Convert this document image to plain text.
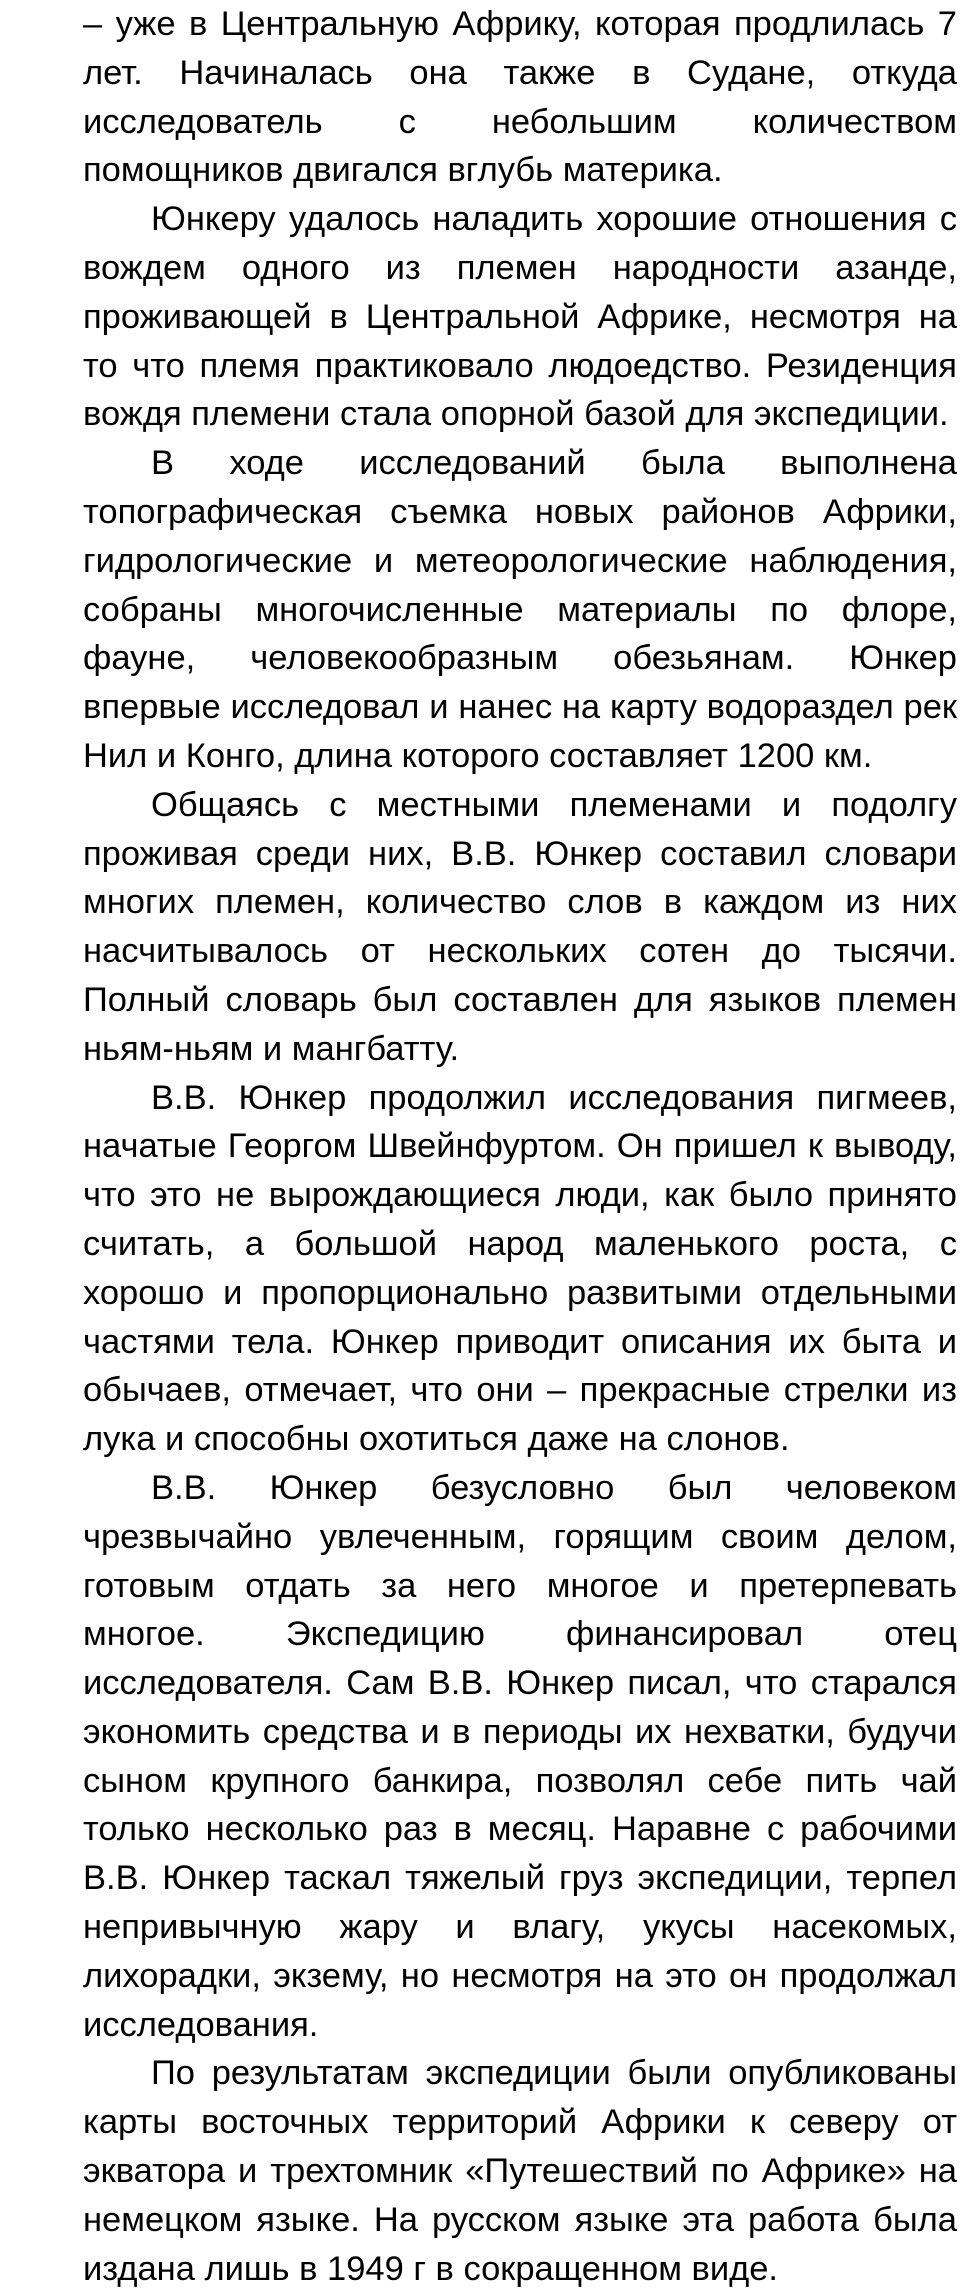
– уже в Центральную Африку, которая продлилась 7 лет. Начиналась она также в Судане, откуда исследователь с небольшим количеством помощников двигался вглубь материка.

Юнкеру удалось наладить хорошие отношения с вождем одного из племен народности азанде, проживающей в Центральной Африке, несмотря на то что племя практиковало людоедство. Резиденция вождя племени стала опорной базой для экспедиции.

В ходе исследований была выполнена топографическая съемка новых районов Африки, гидрологические и метеорологические наблюдения, собраны многочисленные материалы по флоре, фауне, человекообразным обезьянам. Юнкер впервые исследовал и нанес на карту водораздел рек Нил и Конго, длина которого составляет 1200 км.

Общаясь с местными племенами и подолгу проживая среди них, В.В. Юнкер составил словари многих племен, количество слов в каждом из них насчитывалось от нескольких сотен до тысячи. Полный словарь был составлен для языков племен ньям-ньям и мангбатту.

В.В. Юнкер продолжил исследования пигмеев, начатые Георгом Швейнфуртом. Он пришел к выводу, что это не вырождающиеся люди, как было принято считать, а большой народ маленького роста, с хорошо и пропорционально развитыми отдельными частями тела. Юнкер приводит описания их быта и обычаев, отмечает, что они – прекрасные стрелки из лука и способны охотиться даже на слонов.

В.В. Юнкер безусловно был человеком чрезвычайно увлеченным, горящим своим делом, готовым отдать за него многое и претерпевать многое. Экспедицию финансировал отец исследователя. Сам В.В. Юнкер писал, что старался экономить средства и в периоды их нехватки, будучи сыном крупного банкира, позволял себе пить чай только несколько раз в месяц. Наравне с рабочими В.В. Юнкер таскал тяжелый груз экспедиции, терпел непривычную жару и влагу, укусы насекомых, лихорадки, экзему, но несмотря на это он продолжал исследования.

По результатам экспедиции были опубликованы карты восточных территорий Африки к северу от экватора и трехтомник «Путешествий по Африке» на немецком языке. На русском языке эта работа была издана лишь в 1949 г в сокращенном виде.
